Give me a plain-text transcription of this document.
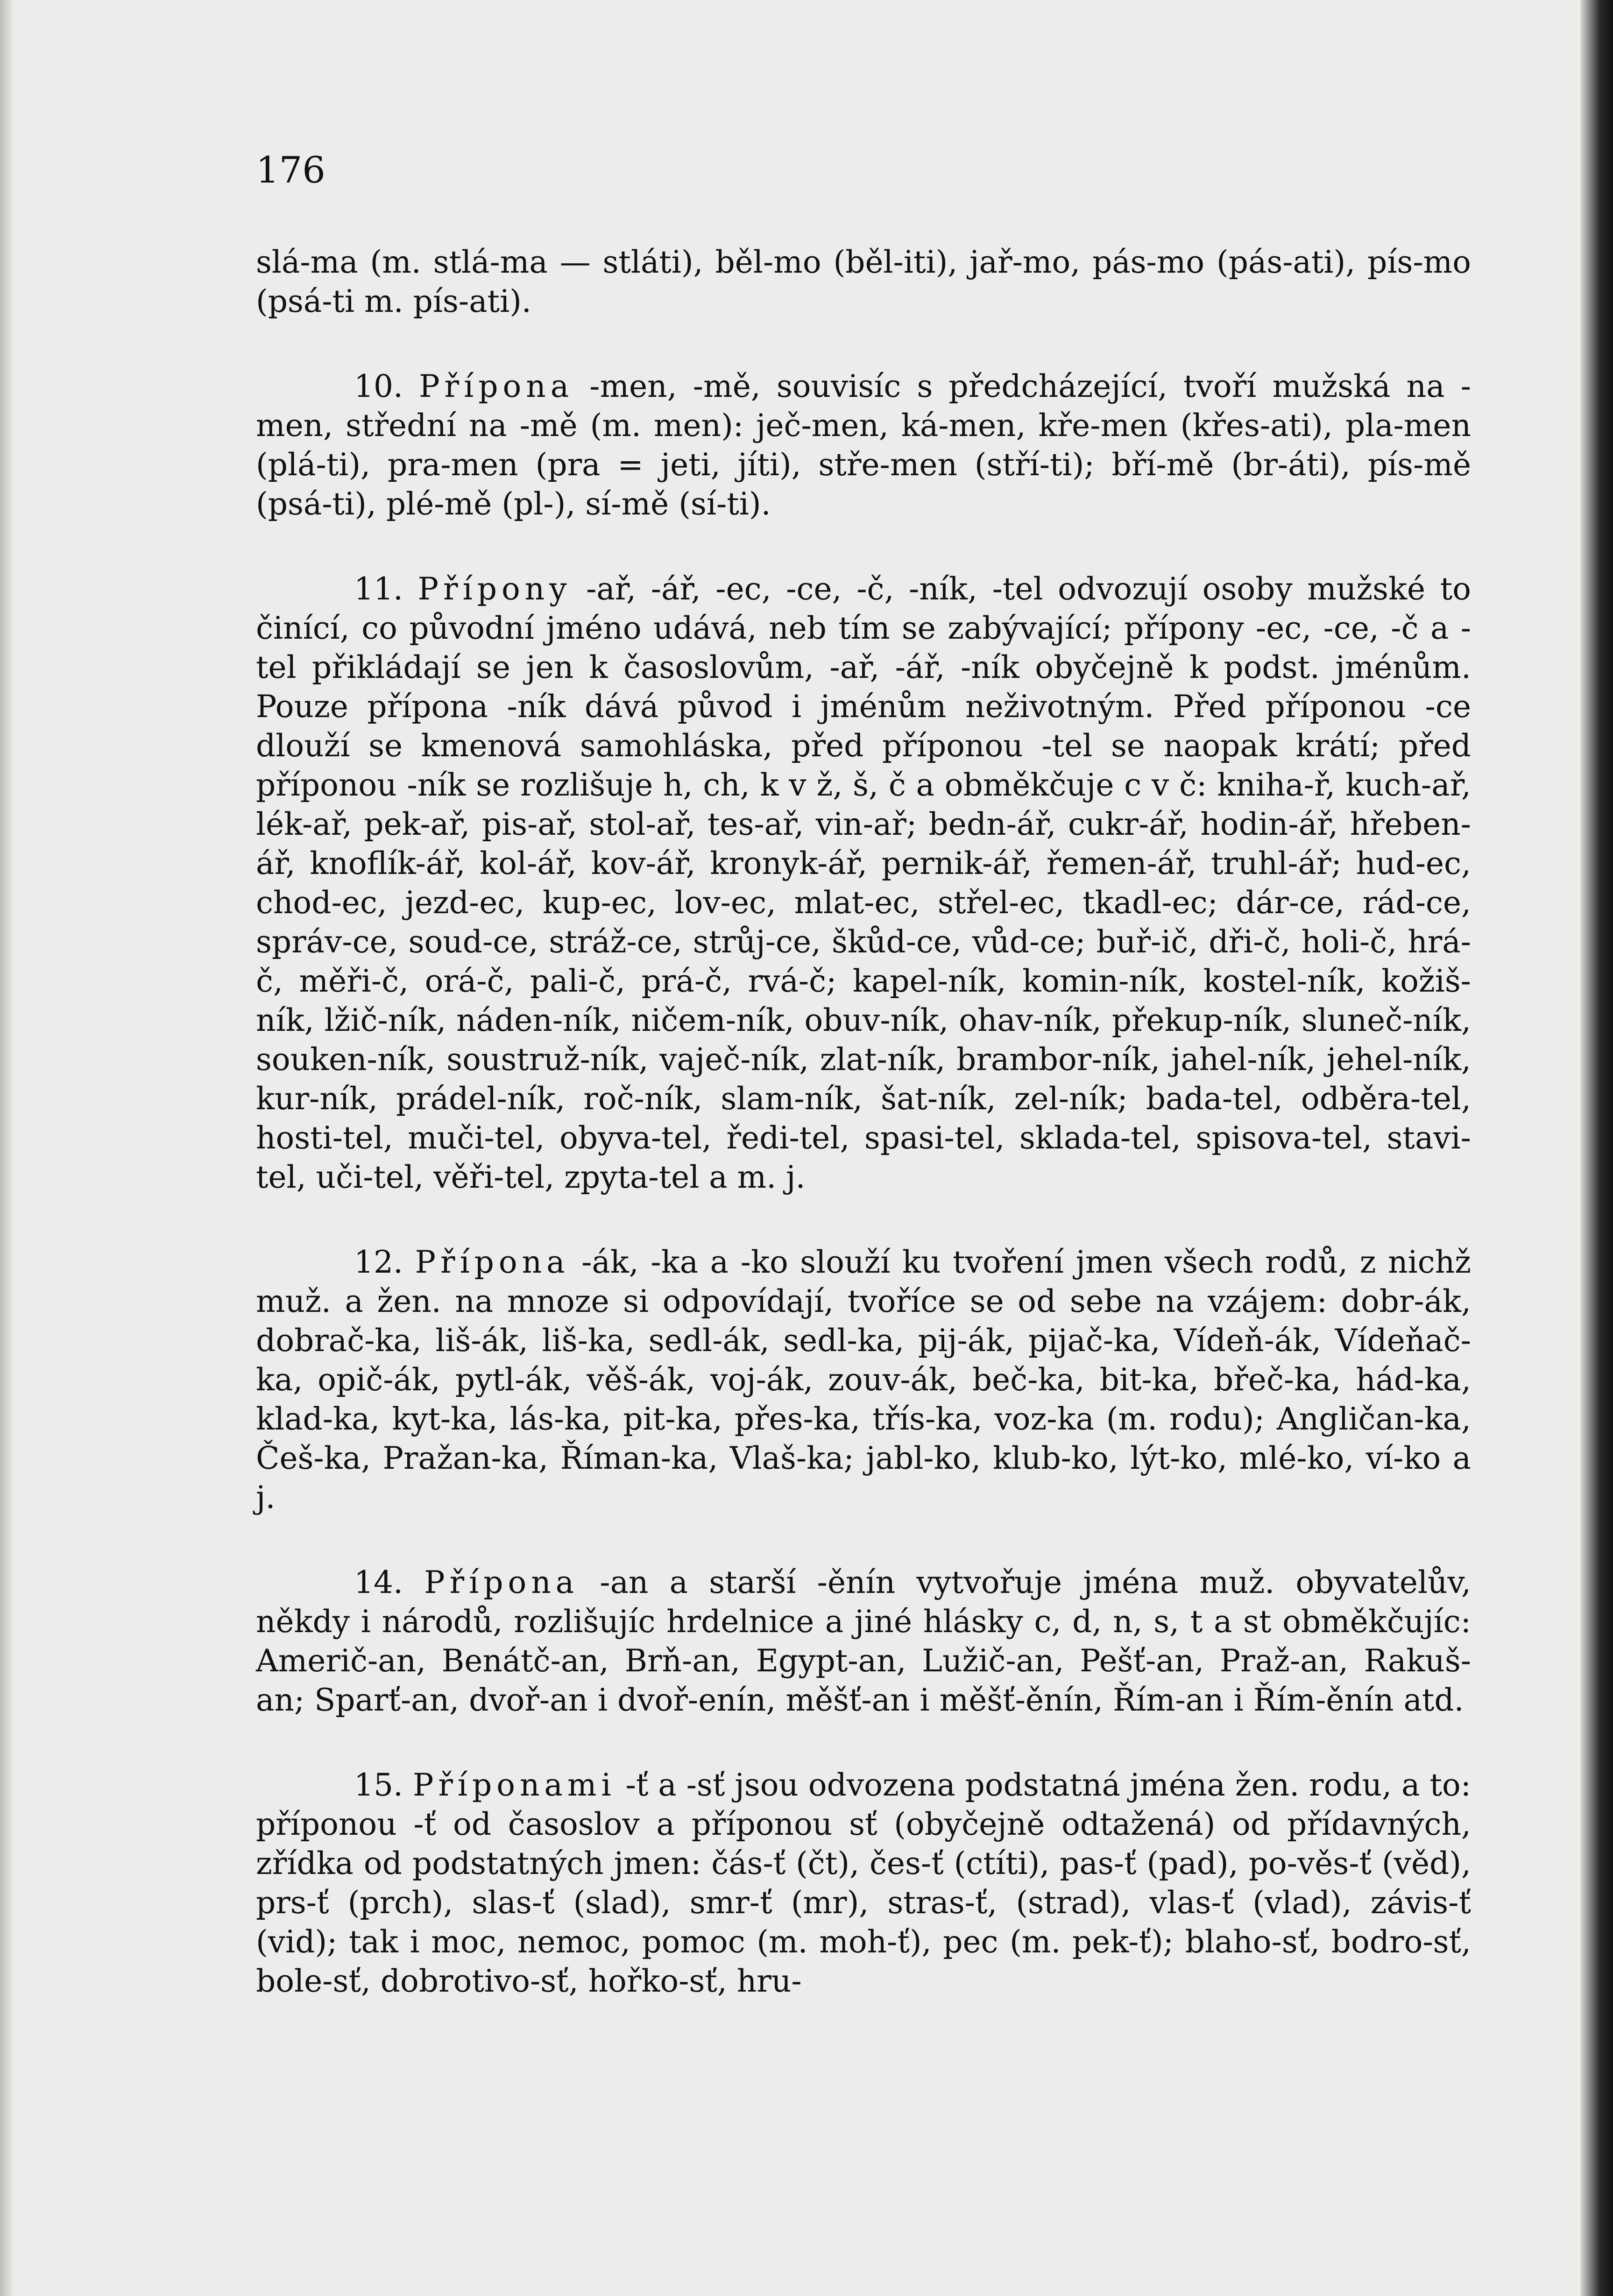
176

slá-ma (m. stlá-ma — stláti), běl-mo (běl-iti), jař-mo, pás-mo (pás-ati), pís-mo (psá-ti m. pís-ati).

10. Přípona -men, -mě, souvisíc s předcházející, tvoří mužská na -men, střední na -mě (m. men): ječ-men, ká-men, kře-men (křes-ati), pla-men (plá-ti), pra-men (pra = jeti, jíti), stře-men (stří-ti); bří-mě (br-áti), pís-mě (psá-ti), plé-mě (pl-), sí-mě (sí-ti).

11. Přípony -ař, -ář, -ec, -ce, -č, -ník, -tel odvozují osoby mužské to činící, co původní jméno udává, neb tím se zabývající; přípony -ec, -ce, -č a -tel přikládají se jen k časoslovům, -ař, -ář, -ník obyčejně k podst. jménům. Pouze přípona -ník dává původ i jménům neživotným. Před příponou -ce dlouží se kmenová samohláska, před příponou -tel se naopak krátí; před příponou -ník se rozlišuje h, ch, k v ž, š, č a obměkčuje c v č: kniha-ř, kuch-ař, lék-ař, pek-ař, pis-ař, stol-ař, tes-ař, vin-ař; bedn-ář, cukr-ář, hodin-ář, hřeben-ář, knoflík-ář, kol-ář, kov-ář, kronyk-ář, pernik-ář, řemen-ář, truhl-ář; hud-ec, chod-ec, jezd-ec, kup-ec, lov-ec, mlat-ec, střel-ec, tkadl-ec; dár-ce, rád-ce, správ-ce, soud-ce, stráž-ce, strůj-ce, škůd-ce, vůd-ce; buř-ič, dři-č, holi-č, hrá-č, měři-č, orá-č, pali-č, prá-č, rvá-č; kapel-ník, komin-ník, kostel-ník, kožiš-ník, lžič-ník, náden-ník, ničem-ník, obuv-ník, ohav-ník, překup-ník, sluneč-ník, souken-ník, soustruž-ník, vaječ-ník, zlat-ník, brambor-ník, jahel-ník, jehel-ník, kur-ník, prádel-ník, roč-ník, slam-ník, šat-ník, zel-ník; bada-tel, odběra-tel, hosti-tel, muči-tel, obyva-tel, ředi-tel, spasi-tel, sklada-tel, spisova-tel, stavi-tel, uči-tel, věři-tel, zpyta-tel a m. j.

12. Přípona -ák, -ka a -ko slouží ku tvoření jmen všech rodů, z nichž muž. a žen. na mnoze si odpovídají, tvoříce se od sebe na vzájem: dobr-ák, dobrač-ka, liš-ák, liš-ka, sedl-ák, sedl-ka, pij-ák, pijač-ka, Vídeň-ák, Vídeňač-ka, opič-ák, pytl-ák, věš-ák, voj-ák, zouv-ák, beč-ka, bit-ka, břeč-ka, hád-ka, klad-ka, kyt-ka, lás-ka, pit-ka, přes-ka, třís-ka, voz-ka (m. rodu); Angličan-ka, Češ-ka, Pražan-ka, Říman-ka, Vlaš-ka; jabl-ko, klub-ko, lýt-ko, mlé-ko, ví-ko a j.

14. Přípona -an a starší -ěnín vytvořuje jména muž. obyvatelův, někdy i národů, rozlišujíc hrdelnice a jiné hlásky c, d, n, s, t a st obměkčujíc: Američ-an, Benátč-an, Brň-an, Egypt-an, Lužič-an, Pešť-an, Praž-an, Rakuš-an; Sparť-an, dvoř-an i dvoř-enín, měšť-an i měšť-ěnín, Řím-an i Řím-ěnín atd.

15. Příponami -ť a -sť jsou odvozena podstatná jména žen. rodu, a to: příponou -ť od časoslov a příponou sť (obyčejně odtažená) od přídavných, zřídka od podstatných jmen: čás-ť (čt), čes-ť (ctíti), pas-ť (pad), po-věs-ť (věd), prs-ť (prch), slas-ť (slad), smr-ť (mr), stras-ť, (strad), vlas-ť (vlad), závis-ť (vid); tak i moc, nemoc, pomoc (m. moh-ť), pec (m. pek-ť); blaho-sť, bodro-sť, bole-sť, dobrotivo-sť, hořko-sť, hru-
